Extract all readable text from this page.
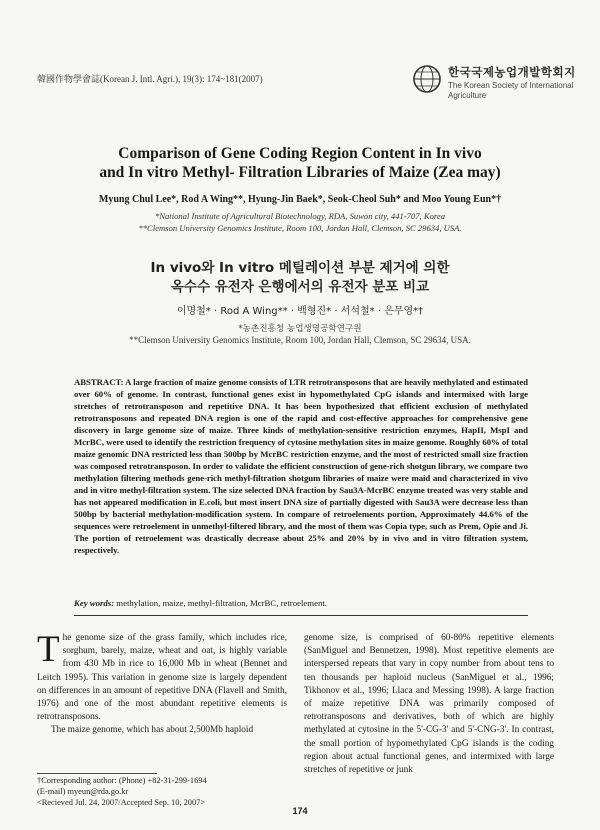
韓國作物學會誌(Korean J. Intl. Agri.), 19(3): 174~181(2007)	한국국제농업개발학회지
The Korean Society of International
Agriculture
Comparison of Gene Coding Region Content in In vivo
and In vitro Methyl- Filtration Libraries of Maize (Zea may)
Myung Chul Lee*, Rod A Wing**, Hyung-Jin Baek*, Seok-Cheol Suh* and Moo Young Eun*†
*National Institute of Agricultural Biotechnology, RDA, Suwon city, 441-707, Korea
**Clemson University Genomics Institute, Room 100, Jordan Hall, Clemson, SC 29634, USA.
In vivo와 In vitro 메틸레이션 부분 제거에 의한
옥수수 유전자 은행에서의 유전자 분포 비교
이명철* · Rod A Wing** · 백형진* · 서석철* · 은무영*†
*농촌진흥청 농업생명공학연구원
**Clemson University Genomics Institute, Room 100, Jordan Hall, Clemson, SC 29634, USA.
ABSTRACT: A large fraction of maize genome consists of LTR retrotransposons that are heavily methylated and estimated over 60% of genome. In contrast, functional genes exist in hypomethylated CpG islands and intermixed with large stretches of retrotransposon and repetitive DNA. It has been hypothesized that efficient exclusion of methylated retrotransposons and repeated DNA region is one of the rapid and cost-effective approaches for comprehensive gene discovery in large genome size of maize. Three kinds of methylation-sensitive restriction enzymes, HapII, MspI and McrBC, were used to identify the restriction frequency of cytosine methylation sites in maize genome. Roughly 60% of total maize genomic DNA restricted less than 500bp by McrBC restriction enzyme, and the most of restricted small size fraction was composed retrotransposon. In order to validate the efficient construction of gene-rich shotgun library, we compare two methylation filtering methods gene-rich methyl-filtration shotgum libraries of maize were maid and characterized in vivo and in vitro methyl-filtration system. The size selected DNA fraction by Sau3A-McrBC enzyme treated was very stable and has not appeared modification in E.coli, but most insert DNA size of partially digested with Sau3A were decrease less than 500bp by bacterial methylation-modification system. In compare of retroelements portion, Approximately 44.6% of the sequences were retroelement in unmethyl-filtered library, and the most of them was Copia type, such as Prem, Opie and Ji. The portion of retroelement was drastically decrease about 25% and 20% by in vivo and in vitro filtration system, respectively.
Key words: methylation, maize, methyl-filtration, McrBC, retroelement.

The genome size of the grass family, which includes rice, sorghum, barely, maize, wheat and oat, is highly variable from 430 Mb in rice to 16,000 Mb in wheat (Bennet and Leitch 1995). This variation in genome size is largely dependent on differences in an amount of repetitive DNA (Flavell and Smith, 1976) and one of the most abundant repetitive elements is retrotransposons.

The maize genome, which has about 2,500Mb haploid

genome size, is comprised of 60-80% repetitive elements (SanMiguel and Bennetzen, 1998). Most repetitive elements are interspersed repeats that vary in copy number from about tens to ten thousands per haploid nucleus (SanMiguel et al., 1996; Tikhonov et al., 1996; Llaca and Messing 1998). A large fraction of maize repetitive DNA was primarily composed of retrotransposons and derivatives, both of which are highly methylated at cytosine in the 5'-CG-3' and 5'-CNG-3'. In contrast, the small portion of hypomethylated CpG islands is the coding region about actual functional genes, and intermixed with large stretches of repetitive or junk

†Corresponding author: (Phone) +82-31-299-1694
(E-mail) myeun@rda.go.kr
<Recieved Jul. 24, 2007/Accepted Sep. 10, 2007>
174
